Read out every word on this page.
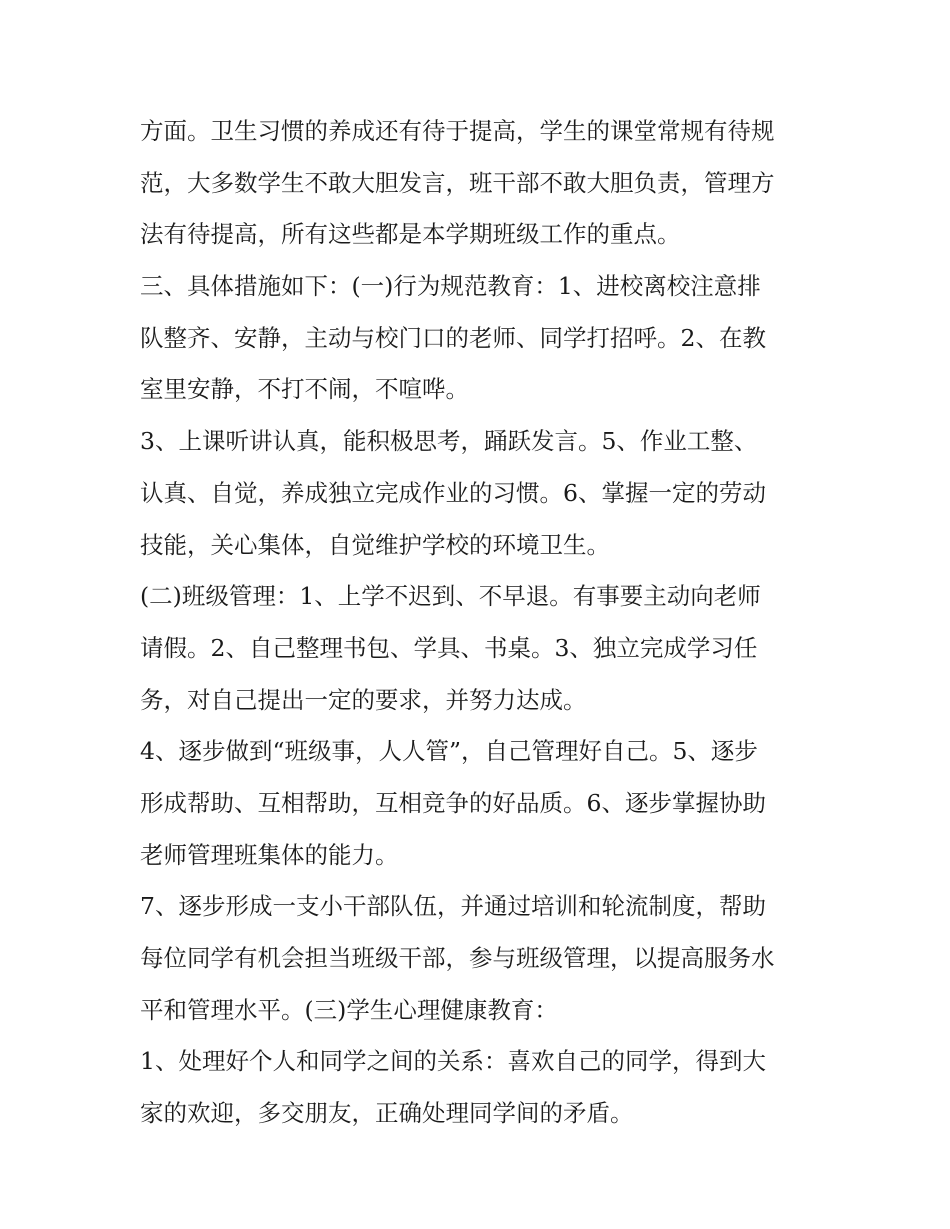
方面。卫生习惯的养成还有待于提高，学生的课堂常规有待规
范，大多数学生不敢大胆发言，班干部不敢大胆负责，管理方
法有待提高，所有这些都是本学期班级工作的重点。
三、具体措施如下：(一)行为规范教育：1、进校离校注意排
队整齐、安静，主动与校门口的老师、同学打招呼。2、在教
室里安静，不打不闹，不喧哗。
3、上课听讲认真，能积极思考，踊跃发言。5、作业工整、
认真、自觉，养成独立完成作业的习惯。6、掌握一定的劳动
技能，关心集体，自觉维护学校的环境卫生。
(二)班级管理：1、上学不迟到、不早退。有事要主动向老师
请假。2、自己整理书包、学具、书桌。3、独立完成学习任
务，对自己提出一定的要求，并努力达成。
4、逐步做到“班级事，人人管”，自己管理好自己。5、逐步
形成帮助、互相帮助，互相竞争的好品质。6、逐步掌握协助
老师管理班集体的能力。
7、逐步形成一支小干部队伍，并通过培训和轮流制度，帮助
每位同学有机会担当班级干部，参与班级管理，以提高服务水
平和管理水平。(三)学生心理健康教育：
1、处理好个人和同学之间的关系：喜欢自己的同学，得到大
家的欢迎，多交朋友，正确处理同学间的矛盾。
